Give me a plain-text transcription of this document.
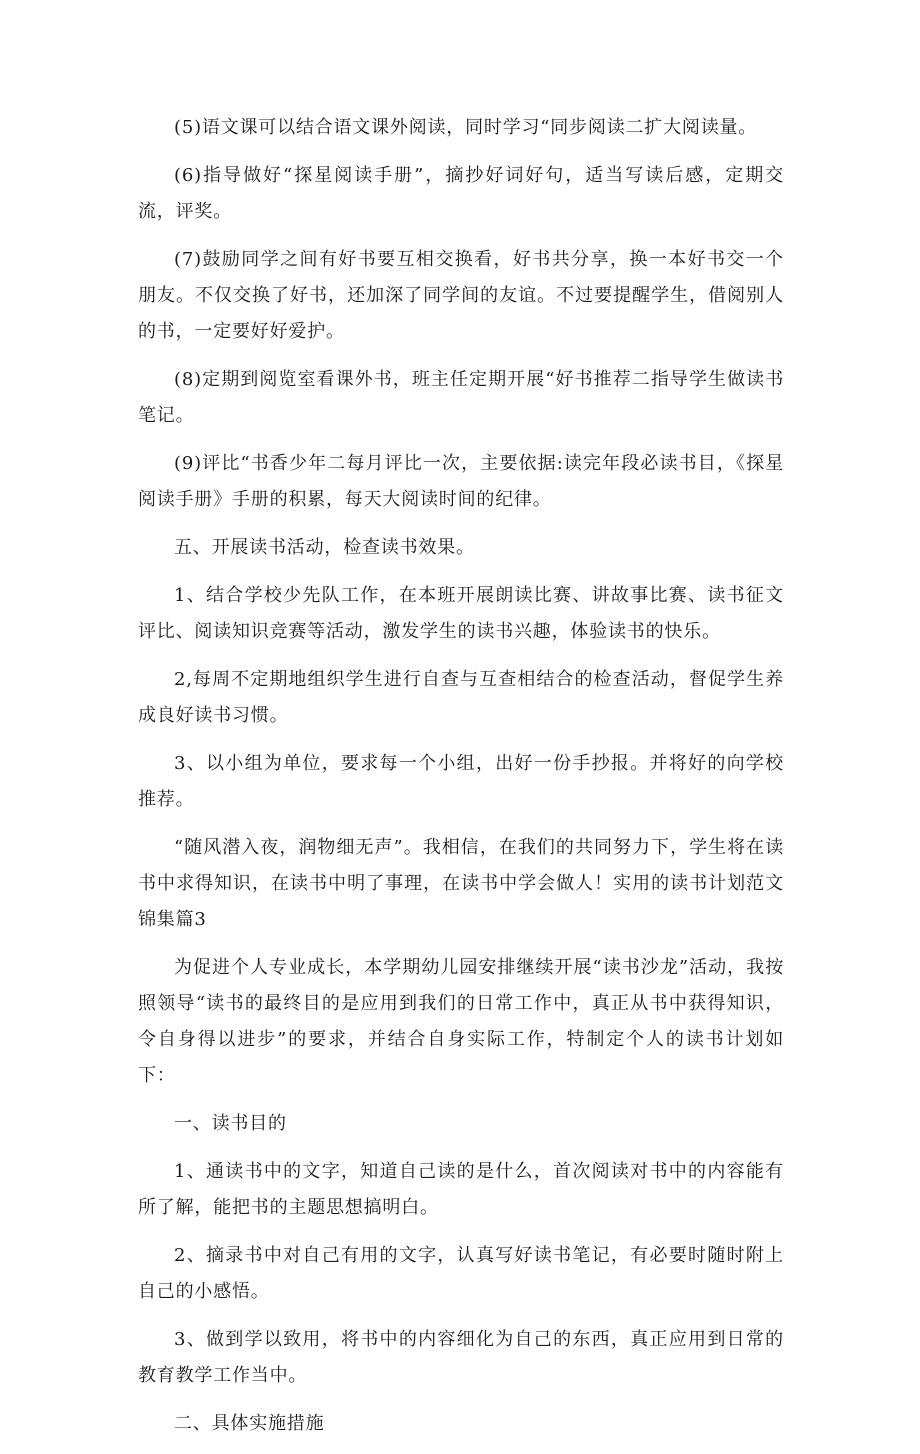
(5)语文课可以结合语文课外阅读，同时学习“同步阅读二扩大阅读量。

(6)指导做好“探星阅读手册”，摘抄好词好句，适当写读后感，定期交流，评奖。

(7)鼓励同学之间有好书要互相交换看，好书共分享，换一本好书交一个朋友。不仅交换了好书，还加深了同学间的友谊。不过要提醒学生，借阅别人的书，一定要好好爱护。

(8)定期到阅览室看课外书，班主任定期开展“好书推荐二指导学生做读书笔记。

(9)评比“书香少年二每月评比一次，主要依据:读完年段必读书目，《探星阅读手册》手册的积累，每天大阅读时间的纪律。

五、开展读书活动，检查读书效果。

1、结合学校少先队工作，在本班开展朗读比赛、讲故事比赛、读书征文评比、阅读知识竞赛等活动，激发学生的读书兴趣，体验读书的快乐。

2,每周不定期地组织学生进行自查与互查相结合的检查活动，督促学生养成良好读书习惯。

3、以小组为单位，要求每一个小组，出好一份手抄报。并将好的向学校推荐。

“随风潜入夜，润物细无声”。我相信，在我们的共同努力下，学生将在读书中求得知识，在读书中明了事理，在读书中学会做人！实用的读书计划范文锦集篇3

为促进个人专业成长，本学期幼儿园安排继续开展“读书沙龙”活动，我按照领导“读书的最终目的是应用到我们的日常工作中，真正从书中获得知识，令自身得以进步”的要求，并结合自身实际工作，特制定个人的读书计划如下：

一、读书目的

1、通读书中的文字，知道自己读的是什么，首次阅读对书中的内容能有所了解，能把书的主题思想搞明白。

2、摘录书中对自己有用的文字，认真写好读书笔记，有必要时随时附上自己的小感悟。

3、做到学以致用，将书中的内容细化为自己的东西，真正应用到日常的教育教学工作当中。

二、具体实施措施
